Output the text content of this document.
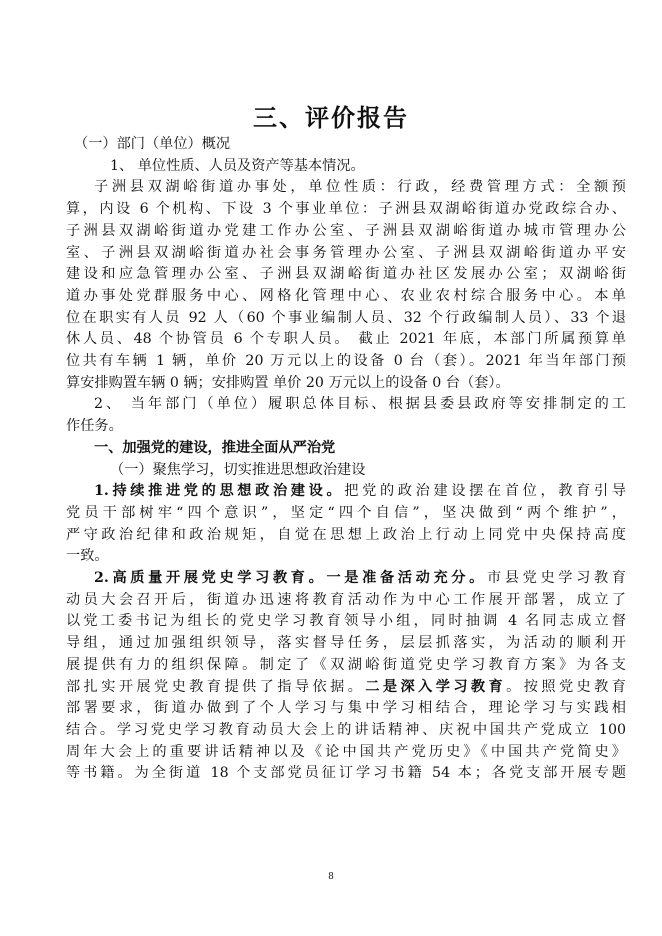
三、评价报告
（一）部门（单位）概况
1、 单位性质、人员及资产等基本情况。
子洲县双湖峪街道办事处，单位性质：行政，经费管理方式：全额预
算，内设 6 个机构、下设 3 个事业单位：子洲县双湖峪街道办党政综合办、
子洲县双湖峪街道办党建工作办公室、子洲县双湖峪街道办城市管理办公
室、子洲县双湖峪街道办社会事务管理办公室、子洲县双湖峪街道办平安
建设和应急管理办公室、子洲县双湖峪街道办社区发展办公室；双湖峪街
道办事处党群服务中心、网格化管理中心、农业农村综合服务中心。本单
位在职实有人员 92 人（60 个事业编制人员、32 个行政编制人员）、33 个退
休人员、48 个协管员 6 个专职人员。 截止 2021 年底，本部门所属预算单
位共有车辆 1 辆，单价 20 万元以上的设备 0 台（套）。2021 年当年部门预
算安排购置车辆 0 辆；安排购置 单价 20 万元以上的设备 0 台（套）。
2、 当年部门（单位）履职总体目标、根据县委县政府等安排制定的工
作任务。
一、加强党的建设，推进全面从严治党
（一）聚焦学习，切实推进思想政治建设
1.持续推进党的思想政治建设。把党的政治建设摆在首位，教育引导
党员干部树牢“四个意识”，坚定“四个自信”，坚决做到“两个维护”，
严守政治纪律和政治规矩，自觉在思想上政治上行动上同党中央保持高度
一致。
2.高质量开展党史学习教育。一是准备活动充分。市县党史学习教育
动员大会召开后，街道办迅速将教育活动作为中心工作展开部署，成立了
以党工委书记为组长的党史学习教育领导小组，同时抽调 4 名同志成立督
导组，通过加强组织领导，落实督导任务，层层抓落实，为活动的顺利开
展提供有力的组织保障。制定了《双湖峪街道党史学习教育方案》为各支
部扎实开展党史教育提供了指导依据。二是深入学习教育。按照党史教育
部署要求，街道办做到了个人学习与集中学习相结合，理论学习与实践相
结合。学习党史学习教育动员大会上的讲话精神、庆祝中国共产党成立 100
周年大会上的重要讲话精神以及《论中国共产党历史》《中国共产党简史》
等书籍。为全街道 18 个支部党员征订学习书籍 54 本；各党支部开展专题
8
